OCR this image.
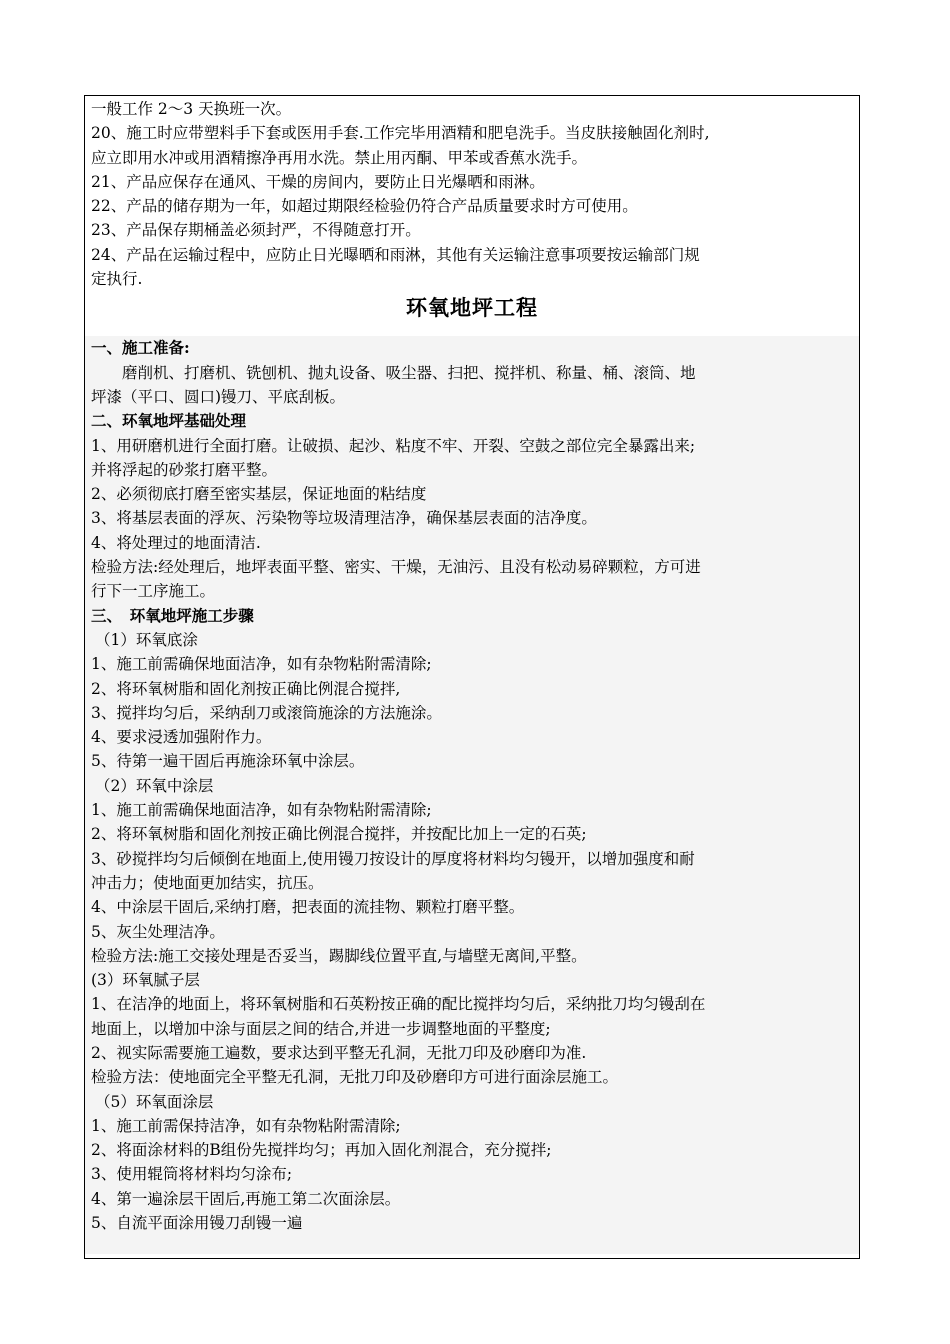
一般工作 2～3 天换班一次。
20、施工时应带塑料手下套或医用手套.工作完毕用酒精和肥皂洗手。当皮肤接触固化剂时,
应立即用水冲或用酒精擦净再用水洗。禁止用丙酮、甲苯或香蕉水洗手。
21、产品应保存在通风、干燥的房间内，要防止日光爆晒和雨淋。
22、产品的储存期为一年，如超过期限经检验仍符合产品质量要求时方可使用。
23、产品保存期桶盖必须封严，不得随意打开。
24、产品在运输过程中，应防止日光曝晒和雨淋，其他有关运输注意事项要按运输部门规
定执行.
环氧地坪工程
一、施工准备:
磨削机、打磨机、铣刨机、抛丸设备、吸尘器、扫把、搅拌机、称量、桶、滚筒、地
坪漆（平口、圆口)镘刀、平底刮板。
二、环氧地坪基础处理
1、用研磨机进行全面打磨。让破损、起沙、粘度不牢、开裂、空鼓之部位完全暴露出来;
并将浮起的砂浆打磨平整。
2、必须彻底打磨至密实基层，保证地面的粘结度
3、将基层表面的浮灰、污染物等垃圾清理洁净，确保基层表面的洁净度。
4、将处理过的地面清洁.
检验方法:经处理后，地坪表面平整、密实、干燥，无油污、且没有松动易碎颗粒，方可进
行下一工序施工。
三、　环氧地坪施工步骤
（1）环氧底涂
1、施工前需确保地面洁净，如有杂物粘附需清除;
2、将环氧树脂和固化剂按正确比例混合搅拌,
3、搅拌均匀后，采纳刮刀或滚筒施涂的方法施涂。
4、要求浸透加强附作力。
5、待第一遍干固后再施涂环氧中涂层。
（2）环氧中涂层
1、施工前需确保地面洁净，如有杂物粘附需清除;
2、将环氧树脂和固化剂按正确比例混合搅拌，并按配比加上一定的石英;
3、砂搅拌均匀后倾倒在地面上,使用镘刀按设计的厚度将材料均匀镘开，以增加强度和耐
冲击力；使地面更加结实，抗压。
4、中涂层干固后,采纳打磨，把表面的流挂物、颗粒打磨平整。
5、灰尘处理洁净。
检验方法:施工交接处理是否妥当，踢脚线位置平直,与墙壁无离间,平整。
(3）环氧腻子层
1、在洁净的地面上，将环氧树脂和石英粉按正确的配比搅拌均匀后，采纳批刀均匀镘刮在
地面上，以增加中涂与面层之间的结合,并进一步调整地面的平整度;
2、视实际需要施工遍数，要求达到平整无孔洞，无批刀印及砂磨印为准.
检验方法：使地面完全平整无孔洞，无批刀印及砂磨印方可进行面涂层施工。
（5）环氧面涂层
1、施工前需保持洁净，如有杂物粘附需清除;
2、将面涂材料的B组份先搅拌均匀；再加入固化剂混合，充分搅拌;
3、使用辊筒将材料均匀涂布;
4、第一遍涂层干固后,再施工第二次面涂层。
5、自流平面涂用镘刀刮镘一遍
